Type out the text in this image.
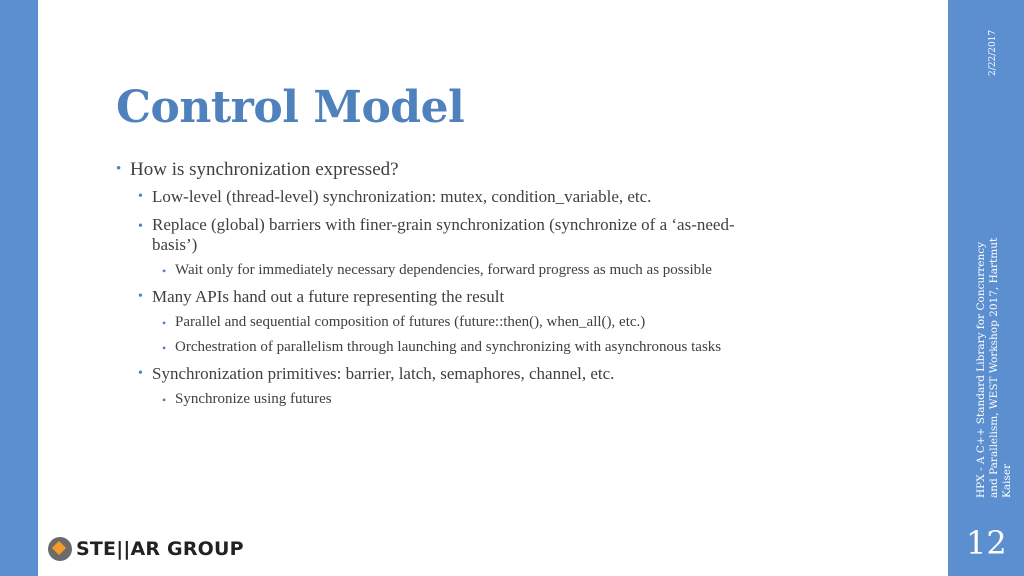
Control Model
• How is synchronization expressed?
• Low-level (thread-level) synchronization: mutex, condition_variable, etc.
• Replace (global) barriers with finer-grain synchronization (synchronize of a ‘as-need-
basis’)
• Wait only for immediately necessary dependencies, forward progress as much as possible
• Many APIs hand out a future representing the result
• Parallel and sequential composition of futures (future::then(), when_all(), etc.)
• Orchestration of parallelism through launching and synchronizing with asynchronous tasks
• Synchronization primitives: barrier, latch, semaphores, channel, etc.
• Synchronize using futures
STE||AR GROUP
2/22/2017
HPX - A C++ Standard Library for Concurrency and Parallelism, WEST Workshop 2017, Hartmut Kaiser
12
